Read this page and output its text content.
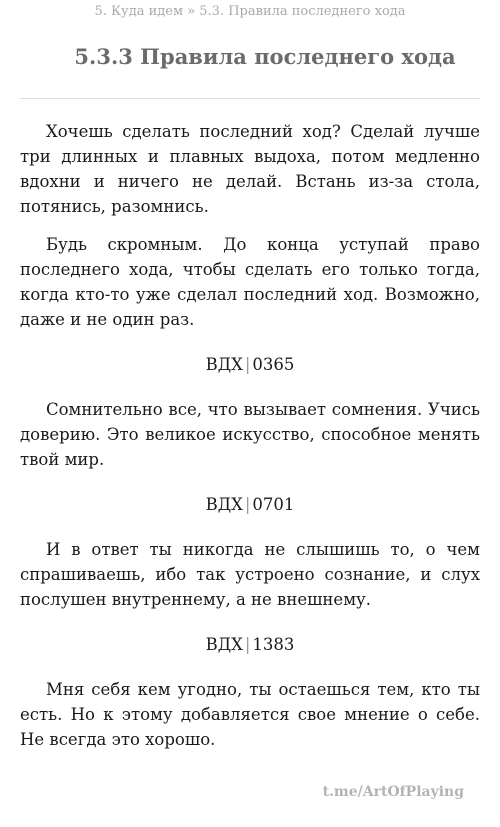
5. Куда идем » 5.3. Правила последнего хода
5.3.3 Правила последнего хода

Хочешь сделать последний ход? Сделай лучше три длинных и плавных выдоха, потом медленно вдохни и ничего не делай. Встань из-за стола, потянись, разомнись.

Будь скромным. До конца уступай право последнего хода, чтобы сделать его только тогда, когда кто-то уже сделал последний ход. Возможно, даже и не один раз.

ВДХ | 0365

Сомнительно все, что вызывает сомнения. Учись доверию. Это великое искусство, способное менять твой мир.

ВДХ | 0701

И в ответ ты никогда не слышишь то, о чем спрашиваешь, ибо так устроено сознание, и слух послушен внутреннему, а не внешнему.

ВДХ | 1383

Мня себя кем угодно, ты остаешься тем, кто ты есть. Но к этому добавляется свое мнение о себе. Не всегда это хорошо.

t.me/ArtOfPlaying
